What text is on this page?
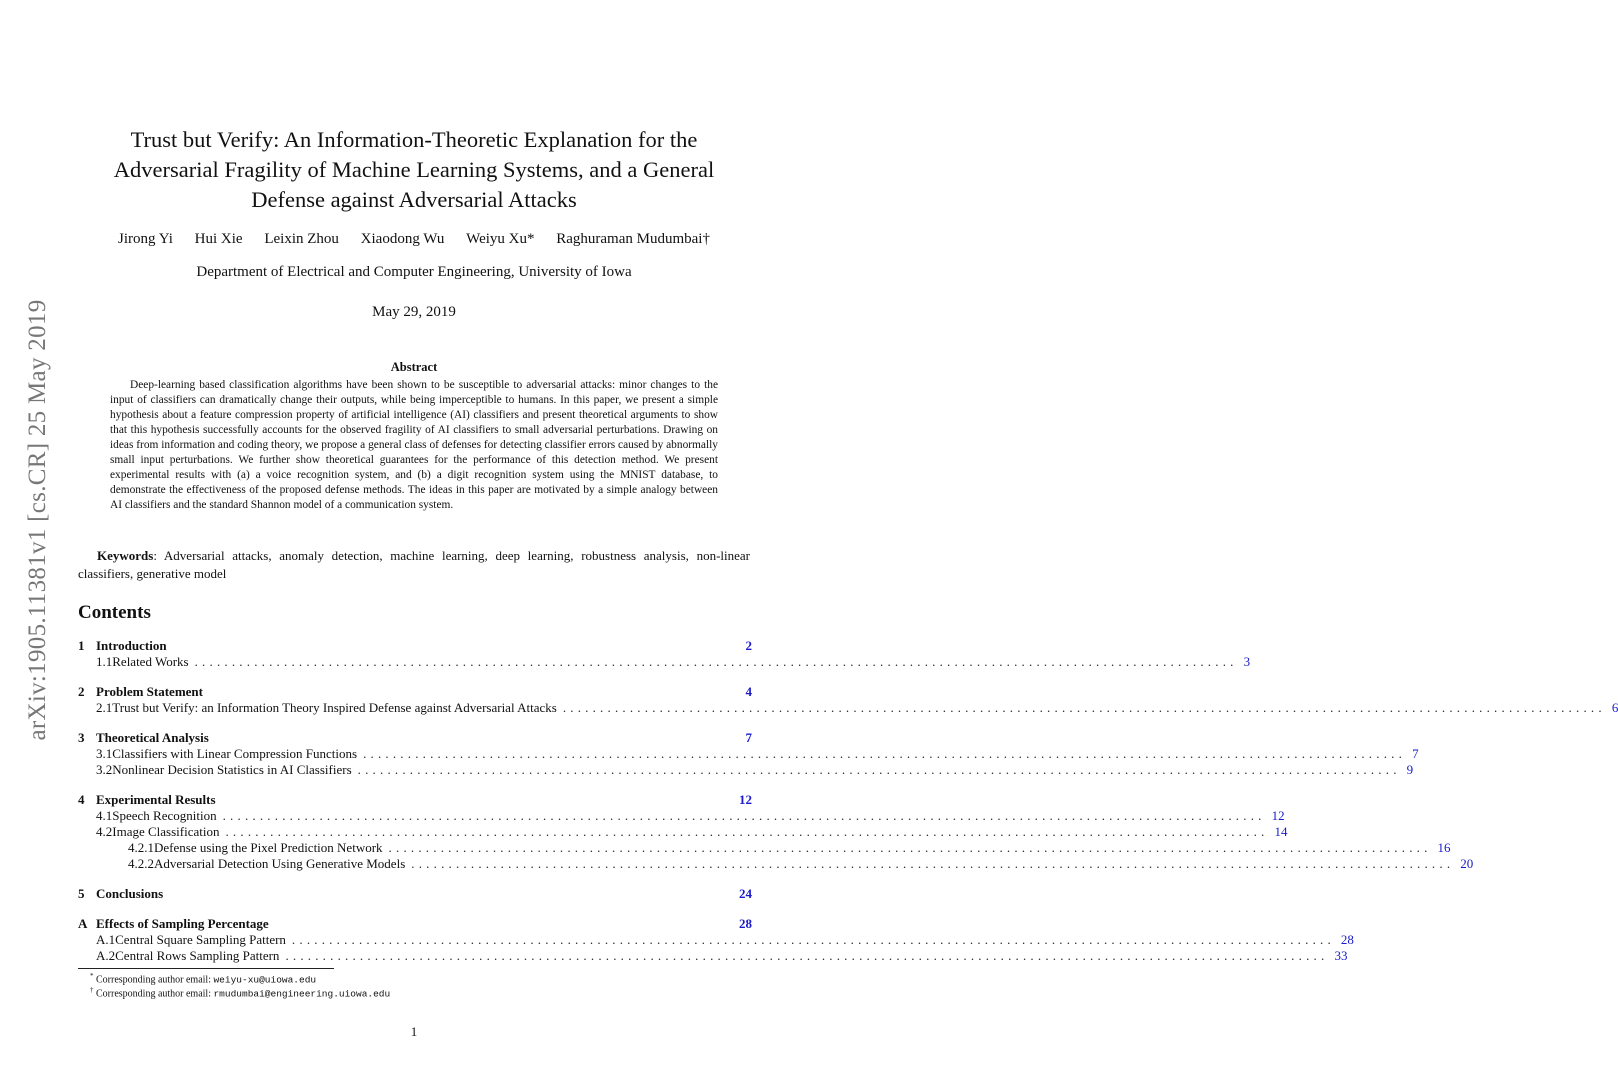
arXiv:1905.11381v1 [cs.CR] 25 May 2019
Trust but Verify: An Information-Theoretic Explanation for the
Adversarial Fragility of Machine Learning Systems, and a General
Defense against Adversarial Attacks
Jirong Yi Hui Xie Leixin Zhou Xiaodong Wu Weiyu Xu* Raghuraman Mudumbai†
Department of Electrical and Computer Engineering, University of Iowa
May 29, 2019
Abstract
Deep-learning based classification algorithms have been shown to be susceptible to adversarial attacks: minor changes to the input of classifiers can dramatically change their outputs, while being imperceptible to humans. In this paper, we present a simple hypothesis about a feature compression property of artificial intelligence (AI) classifiers and present theoretical arguments to show that this hypothesis successfully accounts for the observed fragility of AI classifiers to small adversarial perturbations. Drawing on ideas from information and coding theory, we propose a general class of defenses for detecting classifier errors caused by abnormally small input perturbations. We further show theoretical guarantees for the performance of this detection method. We present experimental results with (a) a voice recognition system, and (b) a digit recognition system using the MNIST database, to demonstrate the effectiveness of the proposed defense methods. The ideas in this paper are motivated by a simple analogy between AI classifiers and the standard Shannon model of a communication system.
Keywords: Adversarial attacks, anomaly detection, machine learning, deep learning, robustness analysis, non-linear classifiers, generative model
Contents
1 Introduction	2
1.1 Related Works ............................................................................................................................................ 3
2 Problem Statement	4
2.1 Trust but Verify: an Information Theory Inspired Defense against Adversarial Attacks ............................................................................................................................................ 6
3 Theoretical Analysis	7
3.1 Classifiers with Linear Compression Functions ............................................................................................................................................ 7
3.2 Nonlinear Decision Statistics in AI Classifiers ............................................................................................................................................ 9
4 Experimental Results	12
4.1 Speech Recognition ............................................................................................................................................ 12
4.2 Image Classification ............................................................................................................................................ 14
4.2.1 Defense using the Pixel Prediction Network ............................................................................................................................................ 16
4.2.2 Adversarial Detection Using Generative Models ............................................................................................................................................ 20
5 Conclusions	24
A Effects of Sampling Percentage	28
A.1 Central Square Sampling Pattern ............................................................................................................................................ 28
A.2 Central Rows Sampling Pattern ............................................................................................................................................ 33
* Corresponding author email: weiyu-xu@uiowa.edu
† Corresponding author email: rmudumbai@engineering.uiowa.edu
1
